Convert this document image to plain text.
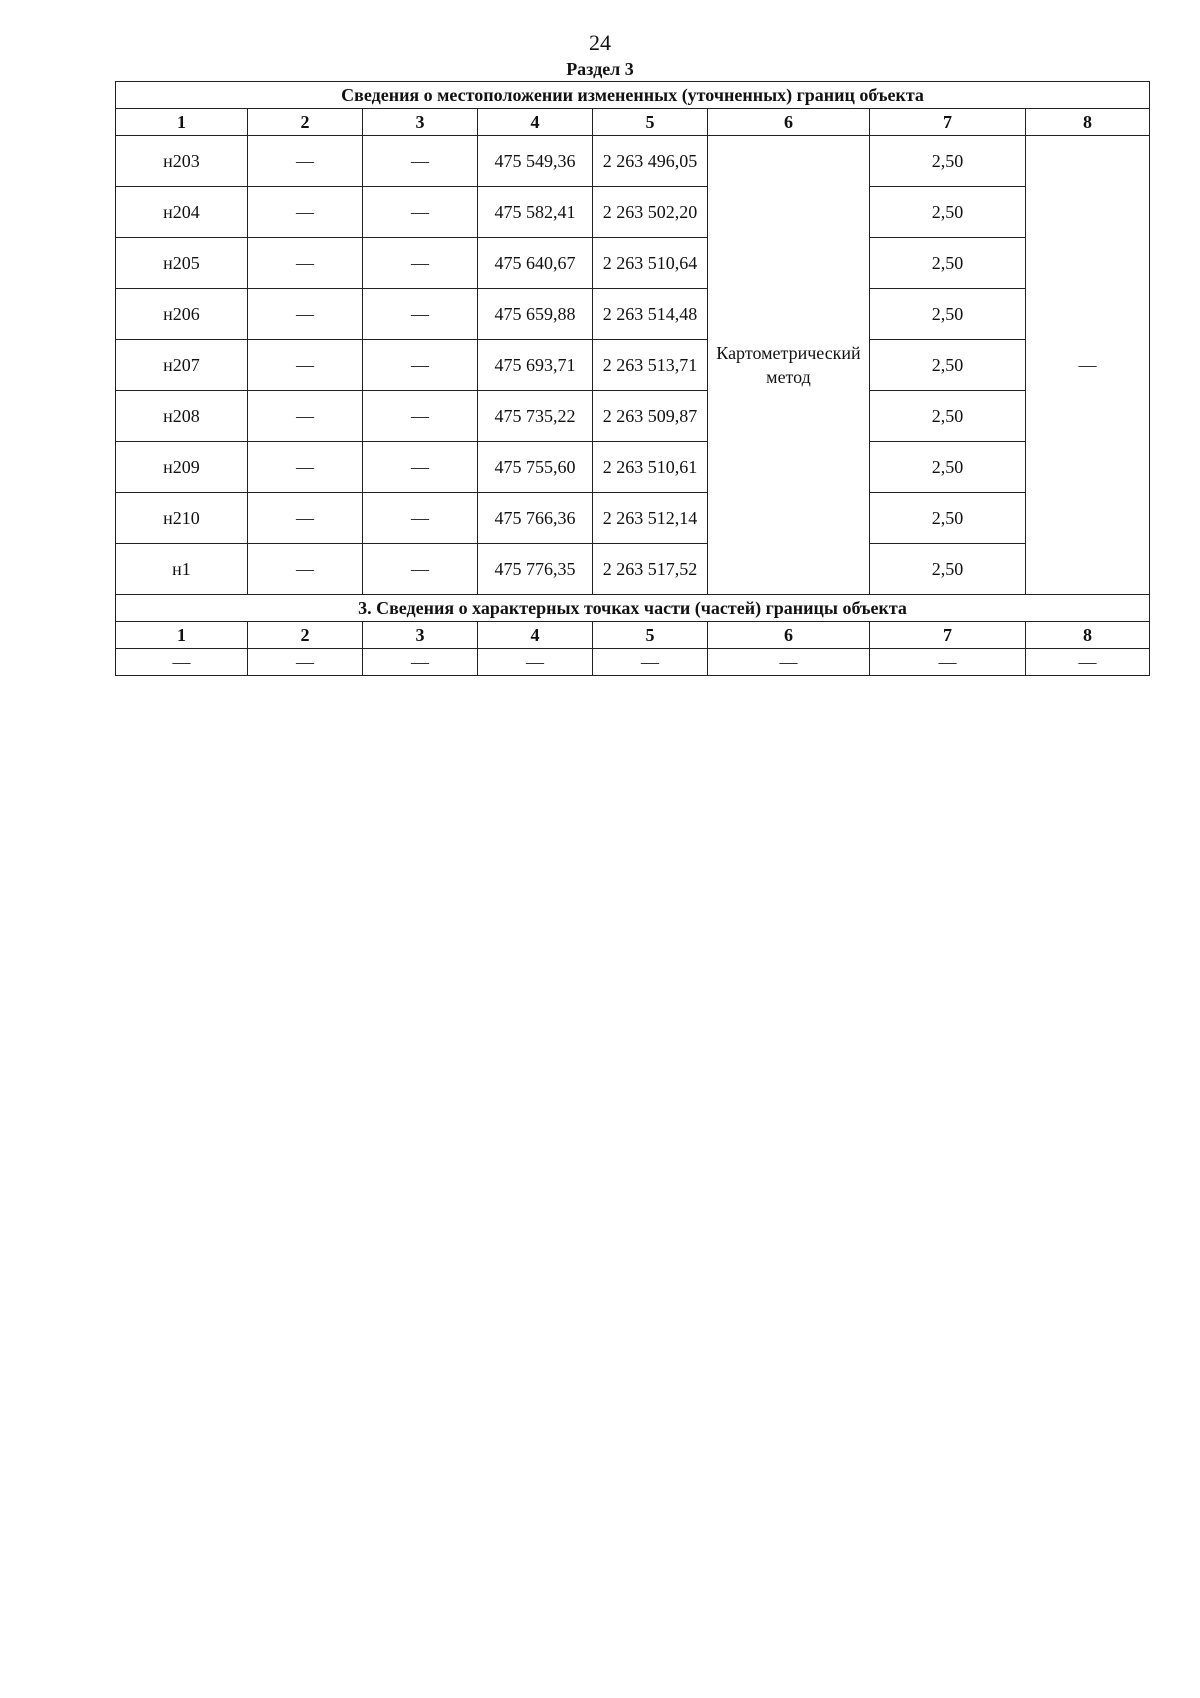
24
Раздел 3
Сведения о местоположении измененных (уточненных) границ объекта							
1	2	3	4	5	6	7	8
н203	—	—	475 549,36	2 263 496,05	Картометрический метод	2,50	—
н204	—	—	475 582,41	2 263 502,20		2,50	
н205	—	—	475 640,67	2 263 510,64		2,50	
н206	—	—	475 659,88	2 263 514,48		2,50	
н207	—	—	475 693,71	2 263 513,71		2,50	
н208	—	—	475 735,22	2 263 509,87		2,50	
н209	—	—	475 755,60	2 263 510,61		2,50	
н210	—	—	475 766,36	2 263 512,14		2,50	
н1	—	—	475 776,35	2 263 517,52		2,50	
3. Сведения о характерных точках части (частей) границы объекта							
1	2	3	4	5	6	7	8
—	—	—	—	—	—	—	—
